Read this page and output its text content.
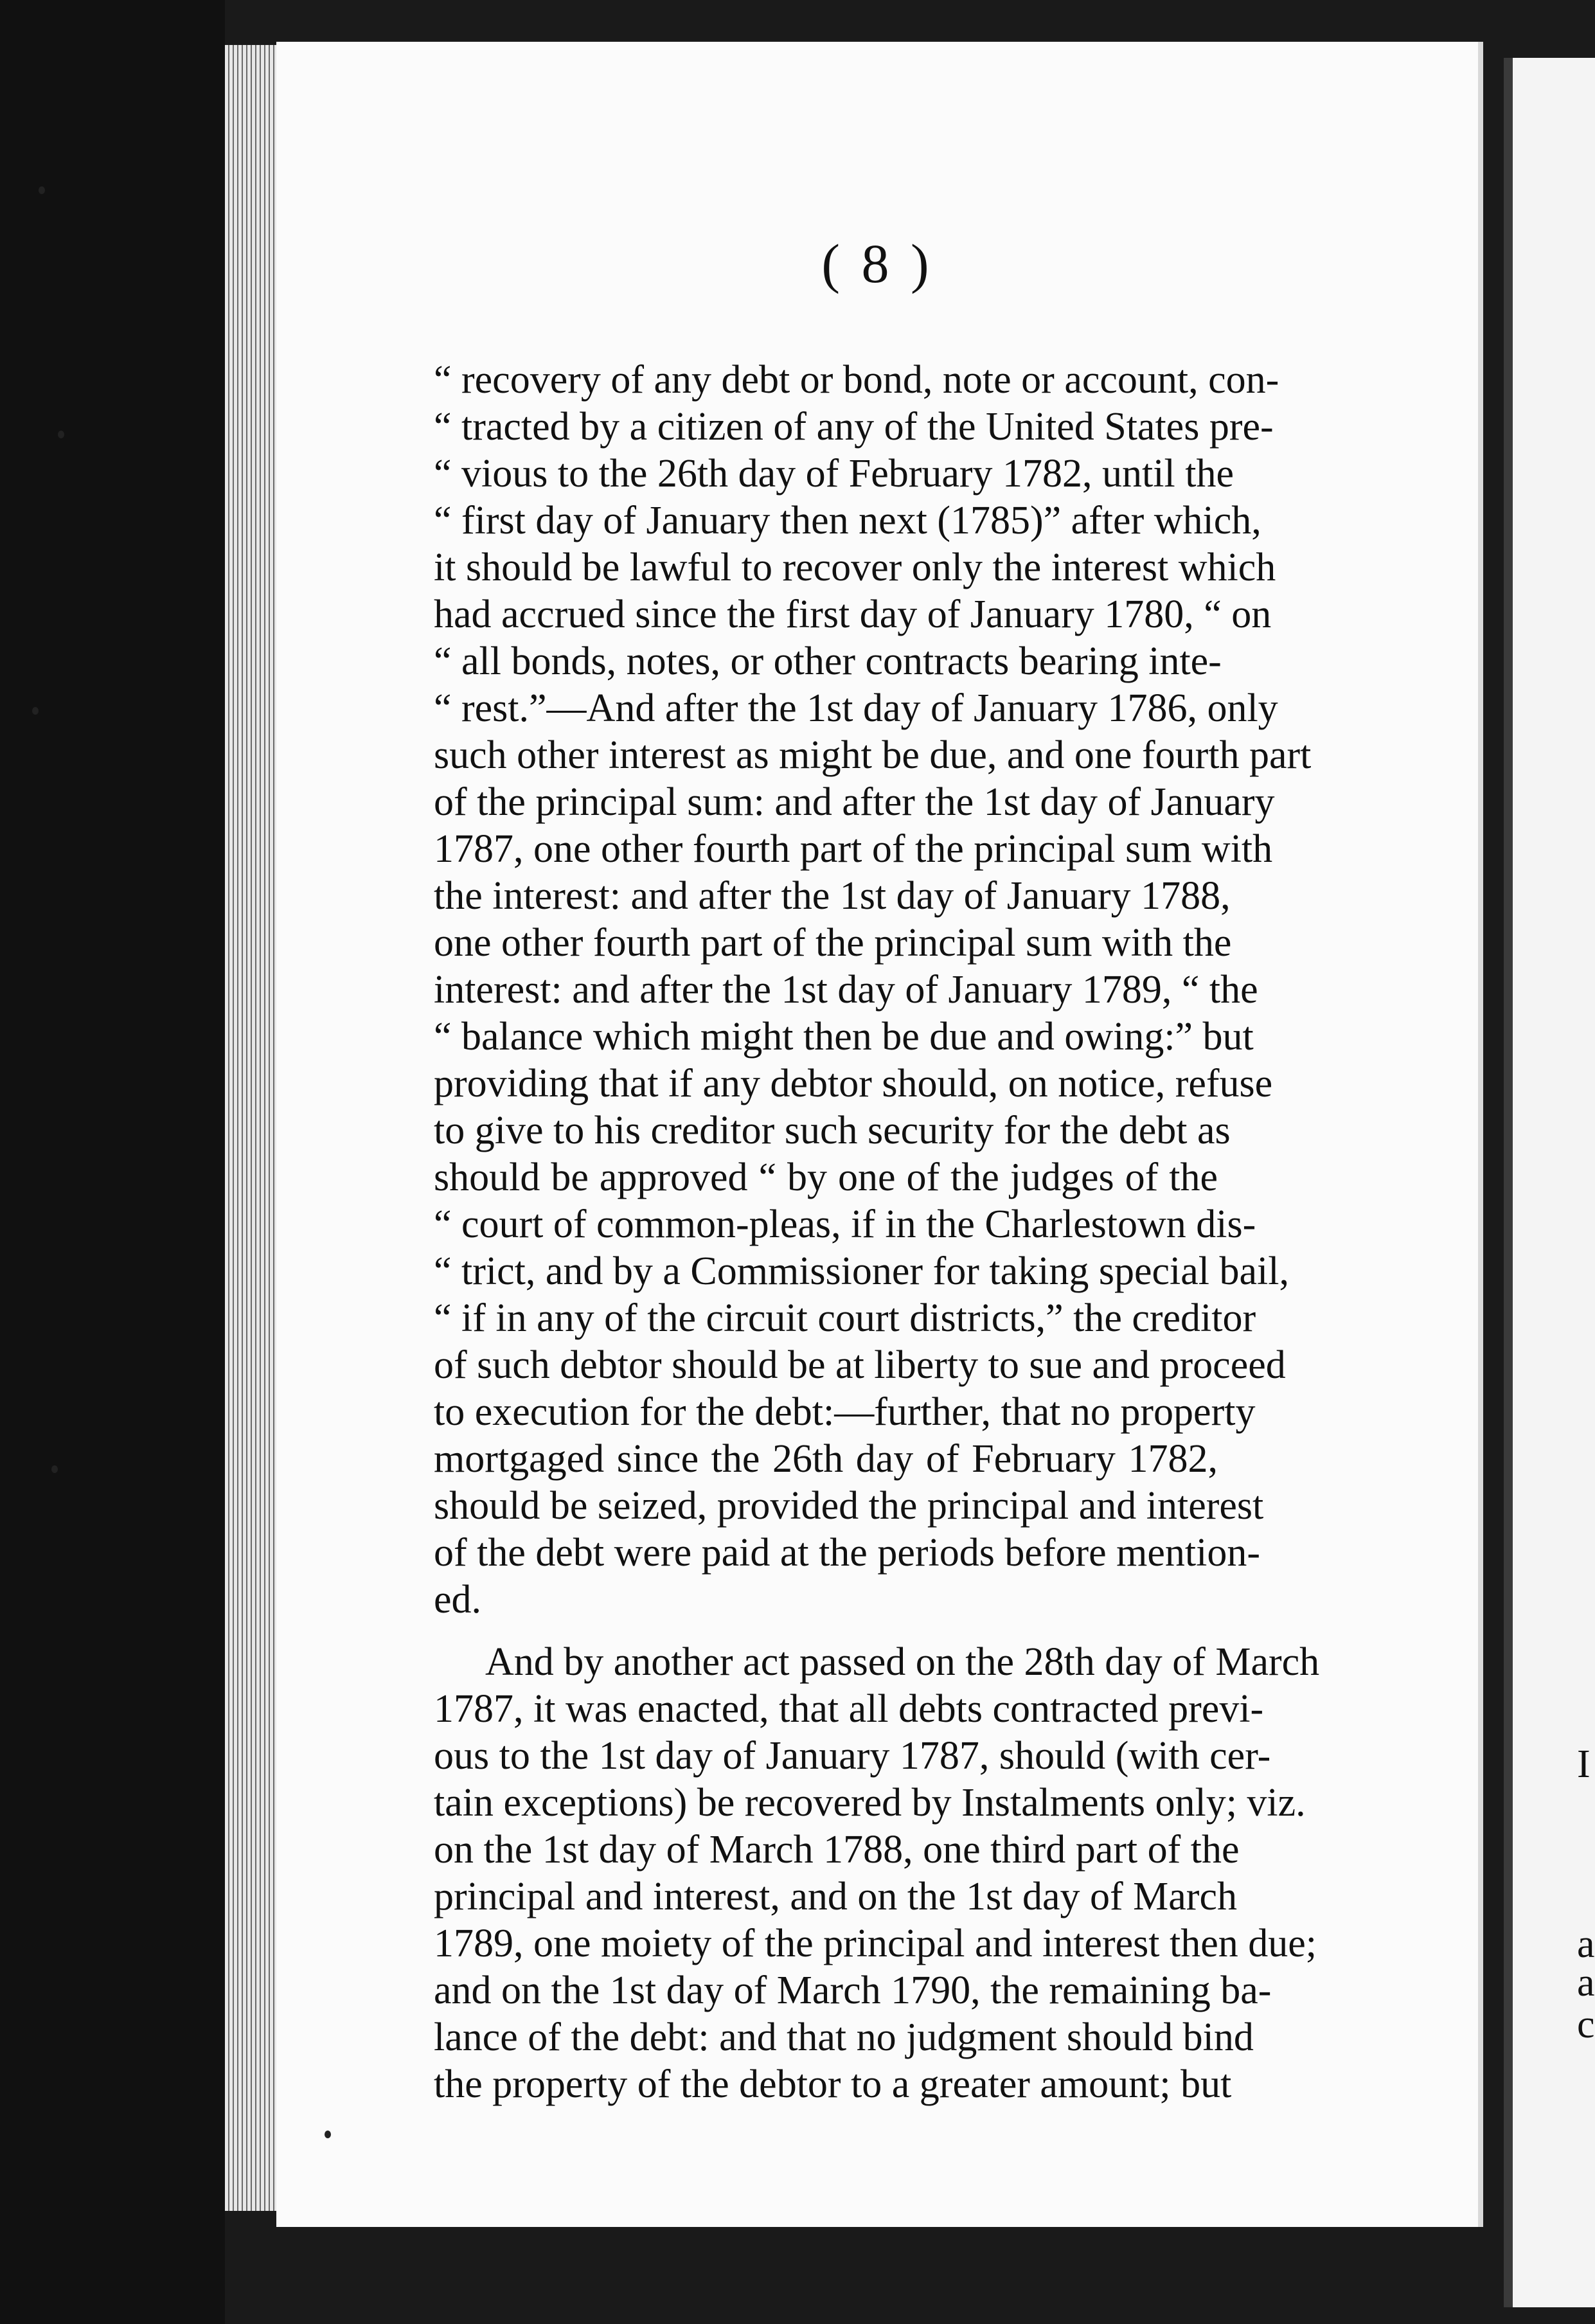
( 8 )
“ recovery of any debt or bond, note or account, con-
“ tracted by a citizen of any of the United States pre-
“ vious to the 26th day of February 1782, until the
“ first day of January then next (1785)” after which,
it should be lawful to recover only the interest which
had accrued since the first day of January 1780, “ on
“ all bonds, notes, or other contracts bearing inte-
“ rest.”—And after the 1st day of January 1786, only
such other interest as might be due, and one fourth part
of the principal sum: and after the 1st day of January
1787, one other fourth part of the principal sum with
the interest: and after the 1st day of January 1788,
one other fourth part of the principal sum with the
interest: and after the 1st day of January 1789, “ the
“ balance which might then be due and owing:” but
providing that if any debtor should, on notice, refuse
to give to his creditor such security for the debt as
should be approved “ by one of the judges of the
“ court of common-pleas, if in the Charlestown dis-
“ trict, and by a Commissioner for taking special bail,
“ if in any of the circuit court districts,” the creditor
of such debtor should be at liberty to sue and proceed
to execution for the debt:—further, that no property
mortgaged since the 26th day of February 1782,
should be seized, provided the principal and interest
of the debt were paid at the periods before mention-
ed.
And by another act passed on the 28th day of March
1787, it was enacted, that all debts contracted previ-
ous to the 1st day of January 1787, should (with cer-
tain exceptions) be recovered by Instalments only; viz.
on the 1st day of March 1788, one third part of the
principal and interest, and on the 1st day of March
1789, one moiety of the principal and interest then due;
and on the 1st day of March 1790, the remaining ba-
lance of the debt: and that no judgment should bind
the property of the debtor to a greater amount; but
I
a
a
c
